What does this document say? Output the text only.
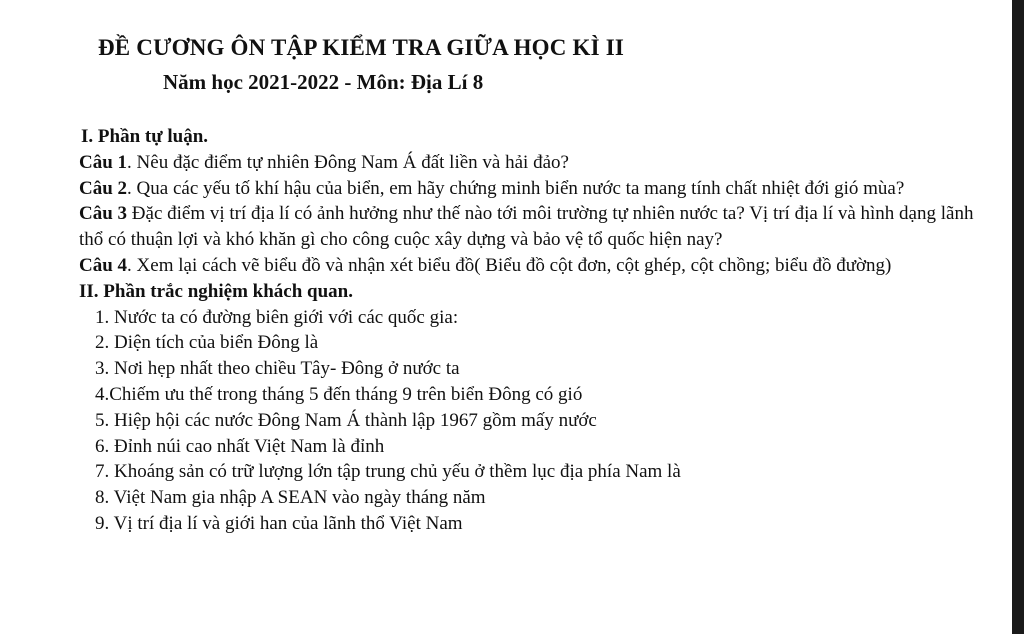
ĐỀ CƯƠNG ÔN TẬP KIỂM TRA GIỮA HỌC KÌ II
Năm học 2021-2022 - Môn: Địa Lí 8
I. Phần tự luận.

Câu 1. Nêu đặc điểm tự nhiên Đông Nam Á đất liền và hải đảo?

Câu 2. Qua các yếu tố khí hậu của biển, em hãy chứng minh biển nước ta mang tính chất nhiệt đới gió mùa?

Câu 3 Đặc điểm vị trí địa lí có ảnh hưởng như thế nào tới môi trường tự nhiên nước ta? Vị trí địa lí và hình dạng lãnh thổ có thuận lợi và khó khăn gì cho công cuộc xây dựng và bảo vệ tổ quốc hiện nay?

Câu 4. Xem lại cách vẽ biểu đồ và nhận xét biểu đồ( Biểu đồ cột đơn, cột ghép, cột chồng; biểu đồ đường)

II. Phần trắc nghiệm khách quan.
1. Nước ta có đường biên giới với các quốc gia:
2. Diện tích của biển Đông là
3. Nơi hẹp nhất theo chiều Tây- Đông ở nước ta
4.Chiếm ưu thế trong tháng 5 đến tháng 9 trên biển Đông có gió
5. Hiệp hội các nước Đông Nam Á thành lập 1967 gồm mấy nước
6. Đỉnh núi cao nhất Việt Nam là đỉnh
7. Khoáng sản có trữ lượng lớn tập trung chủ yếu ở thềm lục địa phía Nam là
8. Việt Nam gia nhập A SEAN vào ngày tháng năm
9. Vị trí địa lí và giới han của lãnh thổ Việt Nam
